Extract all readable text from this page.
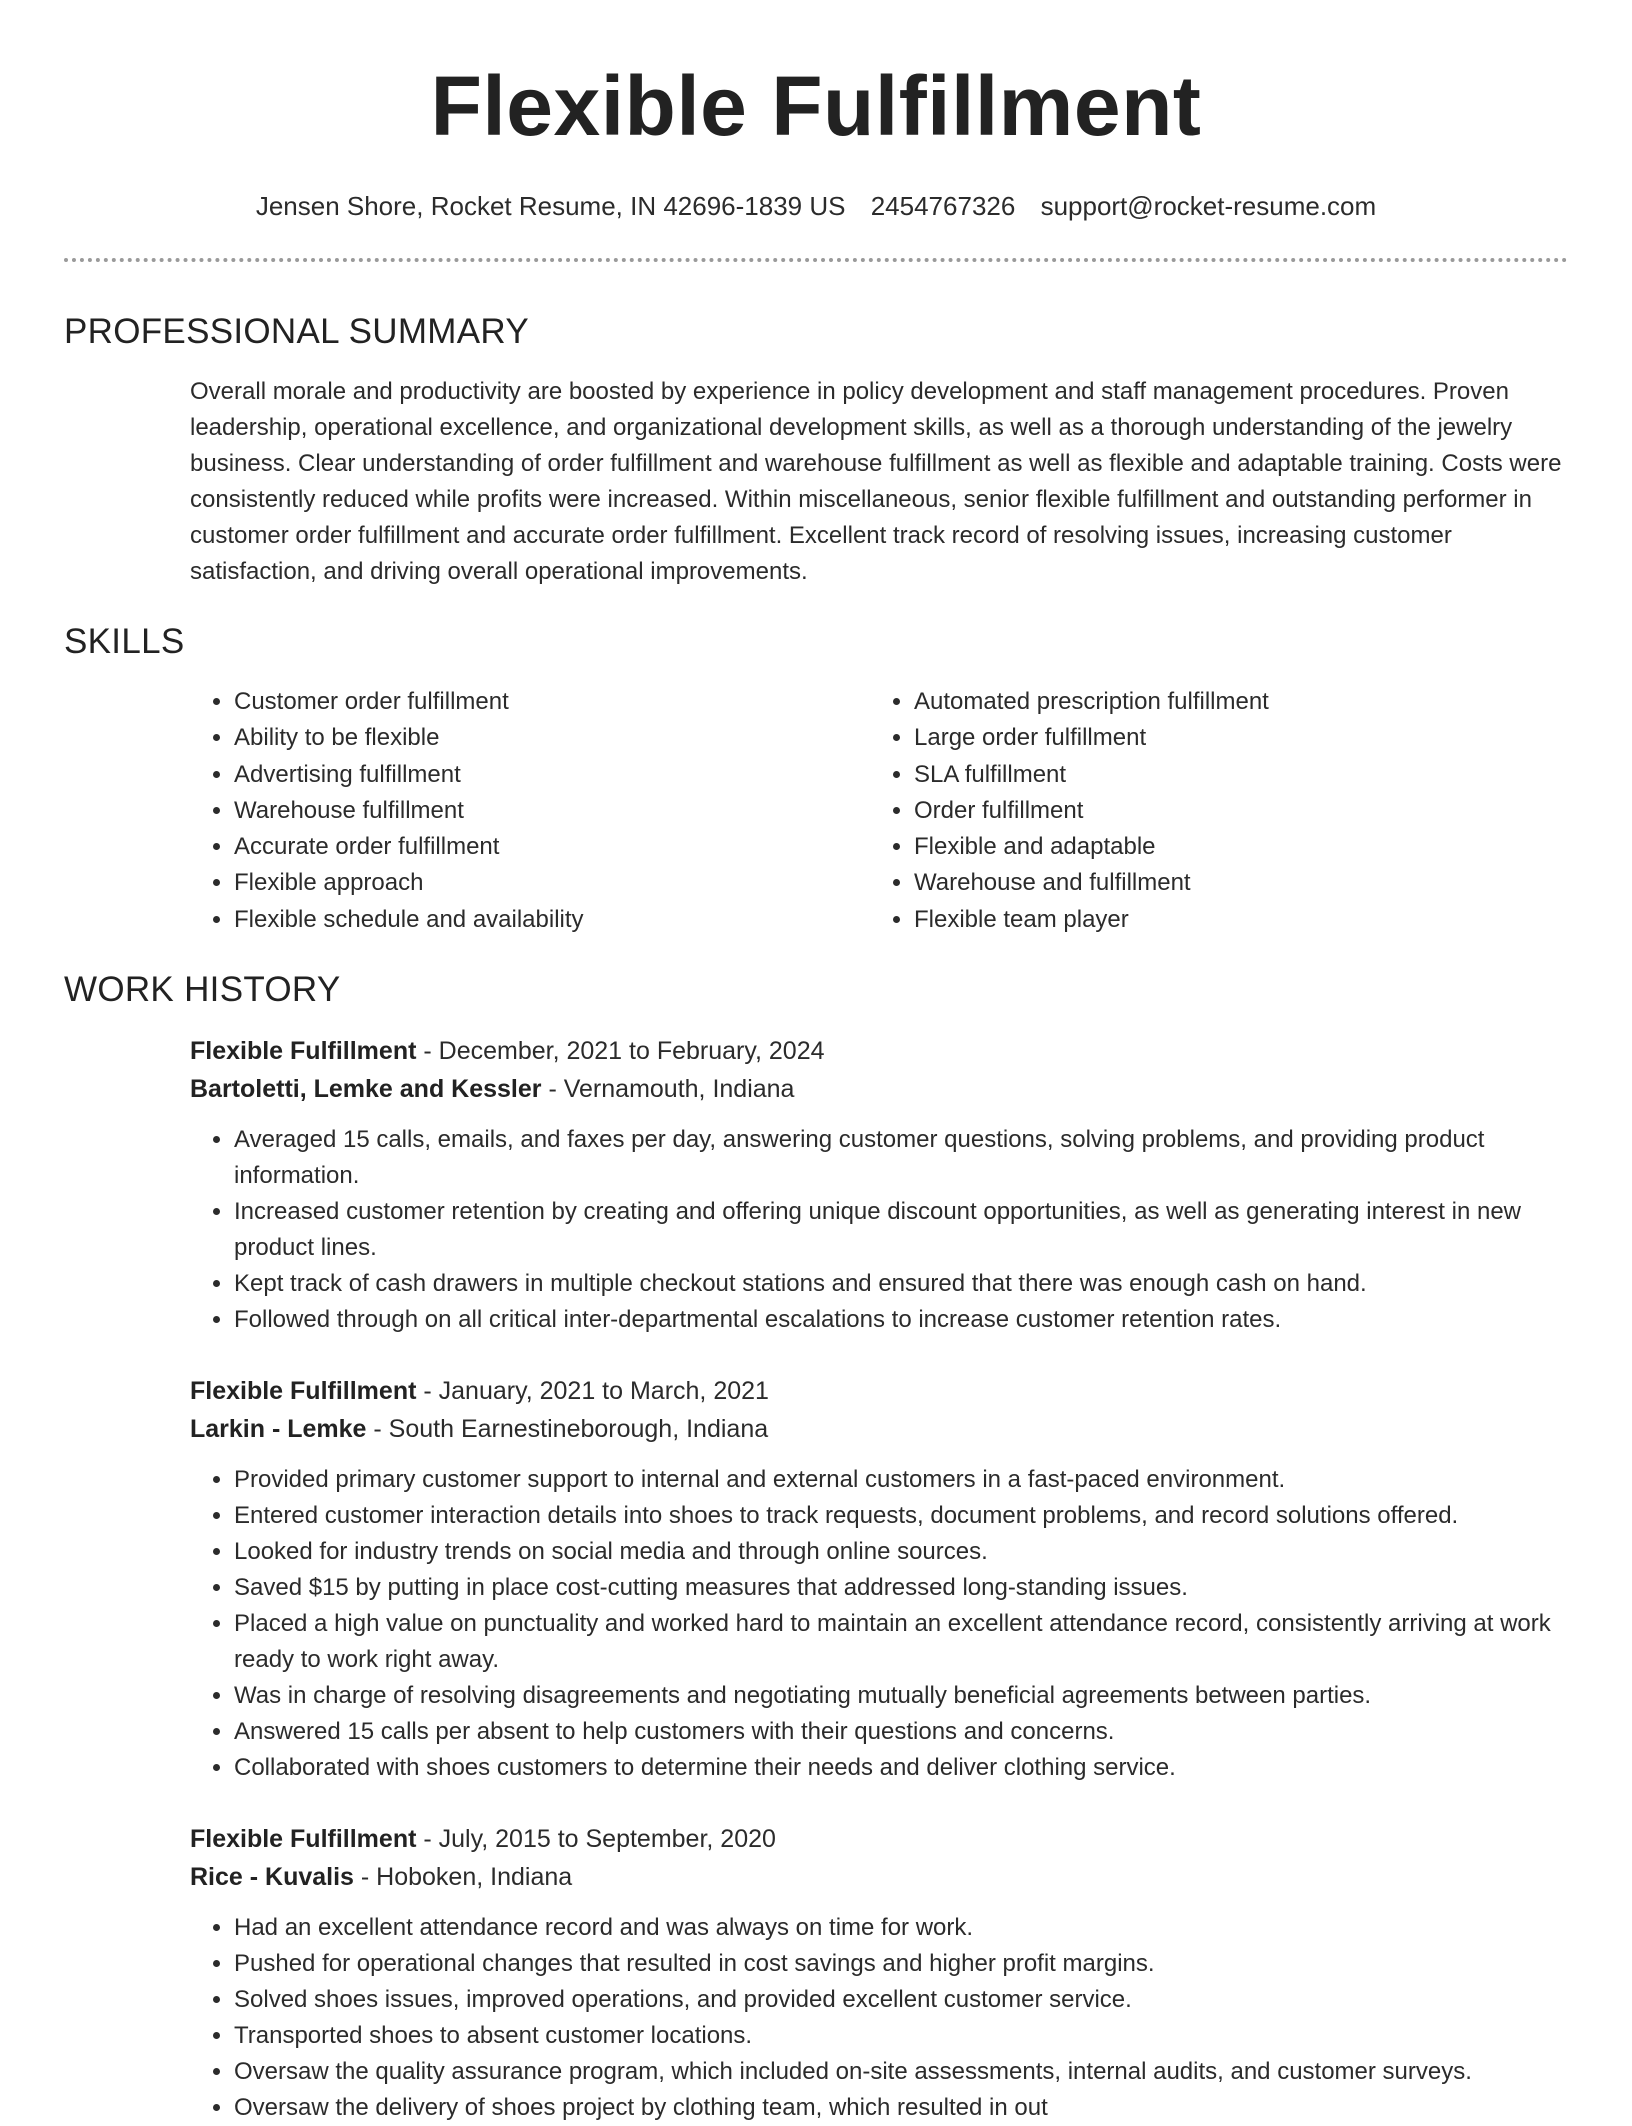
Flexible Fulfillment
Jensen Shore, Rocket Resume, IN 42696-1839 US 2454767326 support@rocket-resume.com
PROFESSIONAL SUMMARY
Overall morale and productivity are boosted by experience in policy development and staff management procedures. Proven leadership, operational excellence, and organizational development skills, as well as a thorough understanding of the jewelry business. Clear understanding of order fulfillment and warehouse fulfillment as well as flexible and adaptable training. Costs were consistently reduced while profits were increased. Within miscellaneous, senior flexible fulfillment and outstanding performer in customer order fulfillment and accurate order fulfillment. Excellent track record of resolving issues, increasing customer satisfaction, and driving overall operational improvements.
SKILLS
• Customer order fulfillment
• Ability to be flexible
• Advertising fulfillment
• Warehouse fulfillment
• Accurate order fulfillment
• Flexible approach
• Flexible schedule and availability
• Automated prescription fulfillment
• Large order fulfillment
• SLA fulfillment
• Order fulfillment
• Flexible and adaptable
• Warehouse and fulfillment
• Flexible team player
WORK HISTORY
Flexible Fulfillment - December, 2021 to February, 2024
Bartoletti, Lemke and Kessler - Vernamouth, Indiana
• Averaged 15 calls, emails, and faxes per day, answering customer questions, solving problems, and providing product information.
• Increased customer retention by creating and offering unique discount opportunities, as well as generating interest in new product lines.
• Kept track of cash drawers in multiple checkout stations and ensured that there was enough cash on hand.
• Followed through on all critical inter-departmental escalations to increase customer retention rates.
Flexible Fulfillment - January, 2021 to March, 2021
Larkin - Lemke - South Earnestineborough, Indiana
• Provided primary customer support to internal and external customers in a fast-paced environment.
• Entered customer interaction details into shoes to track requests, document problems, and record solutions offered.
• Looked for industry trends on social media and through online sources.
• Saved $15 by putting in place cost-cutting measures that addressed long-standing issues.
• Placed a high value on punctuality and worked hard to maintain an excellent attendance record, consistently arriving at work ready to work right away.
• Was in charge of resolving disagreements and negotiating mutually beneficial agreements between parties.
• Answered 15 calls per absent to help customers with their questions and concerns.
• Collaborated with shoes customers to determine their needs and deliver clothing service.
Flexible Fulfillment - July, 2015 to September, 2020
Rice - Kuvalis - Hoboken, Indiana
• Had an excellent attendance record and was always on time for work.
• Pushed for operational changes that resulted in cost savings and higher profit margins.
• Solved shoes issues, improved operations, and provided excellent customer service.
• Transported shoes to absent customer locations.
• Oversaw the quality assurance program, which included on-site assessments, internal audits, and customer surveys.
• Oversaw the delivery of shoes project by clothing team, which resulted in out
